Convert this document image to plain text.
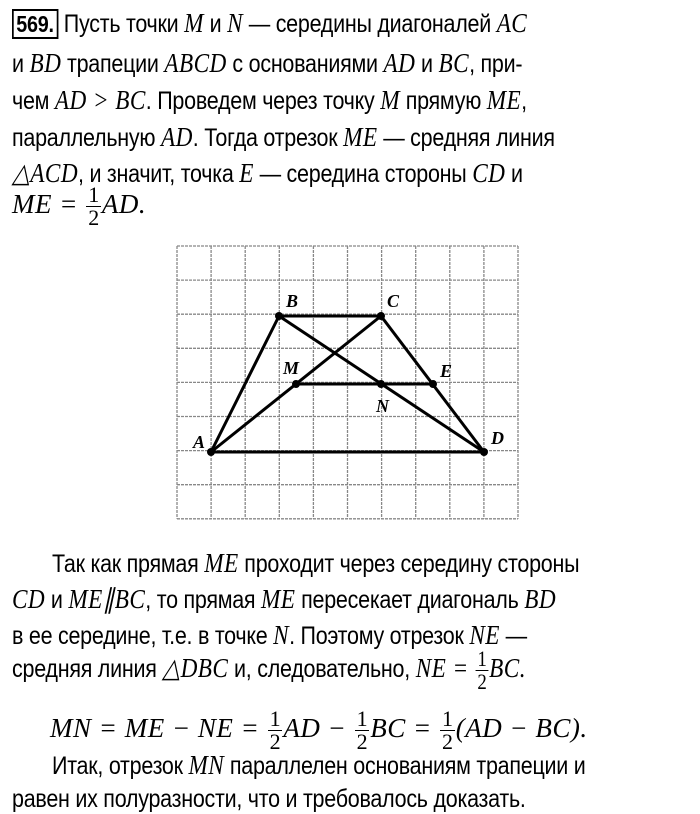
569. Пусть точки M и N — середины диагоналей AC
и BD трапеции ABCD с основаниями AD и BC, при-
чем AD > BC. Проведем через точку M прямую ME,
параллельную AD. Тогда отрезок ME — средняя линия
△ACD, и значит, точка E — середина стороны CD и
ME = $\frac{1}{2}$ AD.
A
B	C
D
M
N
E
Так как прямая ME проходит через середину стороны
CD и ME∥BC, то прямая ME пересекает диагональ BD
в ее середине, т.е. в точке N. Поэтому отрезок NE —
средняя линия △DBC и, следовательно, NE = $\frac{1}{2}$ BC.
MN = ME − NE = $\frac{1}{2}$ AD − $\frac{1}{2}$ BC = $\frac{1}{2} (AD - BC)$.
Итак, отрезок MN параллелен основаниям трапеции и
равен их полуразности, что и требовалось доказать.
